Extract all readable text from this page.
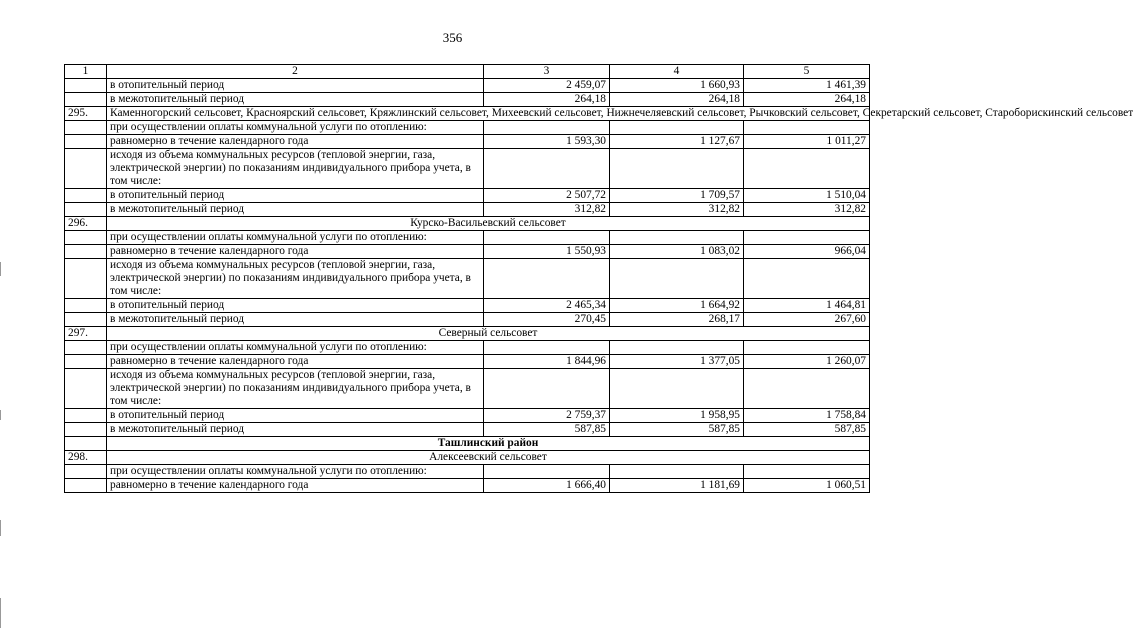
356
1	2	3	4	5
	в отопительный период	2 459,07	1 660,93	1 461,39
	в межотопительный период	264,18	264,18	264,18
295.	Каменногорский сельсовет, Красноярский сельсовет, Кряжлинский сельсовет, Михеевский сельсовет, Нижнечеляевский сельсовет, Рычковский сельсовет, Секретарский сельсовет, Староборискинский сельсовет			
	при осуществлении оплаты коммунальной услуги по отоплению:			
	равномерно в течение календарного года	1 593,30	1 127,67	1 011,27
	исходя из объема коммунальных ресурсов (тепловой энергии, газа, электрической энергии) по показаниям индивидуального прибора учета, в том числе:			
	в отопительный период	2 507,72	1 709,57	1 510,04
	в межотопительный период	312,82	312,82	312,82
296.	Курско-Васильевский сельсовет			
	при осуществлении оплаты коммунальной услуги по отоплению:			
	равномерно в течение календарного года	1 550,93	1 083,02	966,04
	исходя из объема коммунальных ресурсов (тепловой энергии, газа, электрической энергии) по показаниям индивидуального прибора учета, в том числе:			
	в отопительный период	2 465,34	1 664,92	1 464,81
	в межотопительный период	270,45	268,17	267,60
297.	Северный сельсовет			
	при осуществлении оплаты коммунальной услуги по отоплению:			
	равномерно в течение календарного года	1 844,96	1 377,05	1 260,07
	исходя из объема коммунальных ресурсов (тепловой энергии, газа, электрической энергии) по показаниям индивидуального прибора учета, в том числе:			
	в отопительный период	2 759,37	1 958,95	1 758,84
	в межотопительный период	587,85	587,85	587,85
	Ташлинский район			
298.	Алексеевский сельсовет			
	при осуществлении оплаты коммунальной услуги по отоплению:			
	равномерно в течение календарного года	1 666,40	1 181,69	1 060,51
